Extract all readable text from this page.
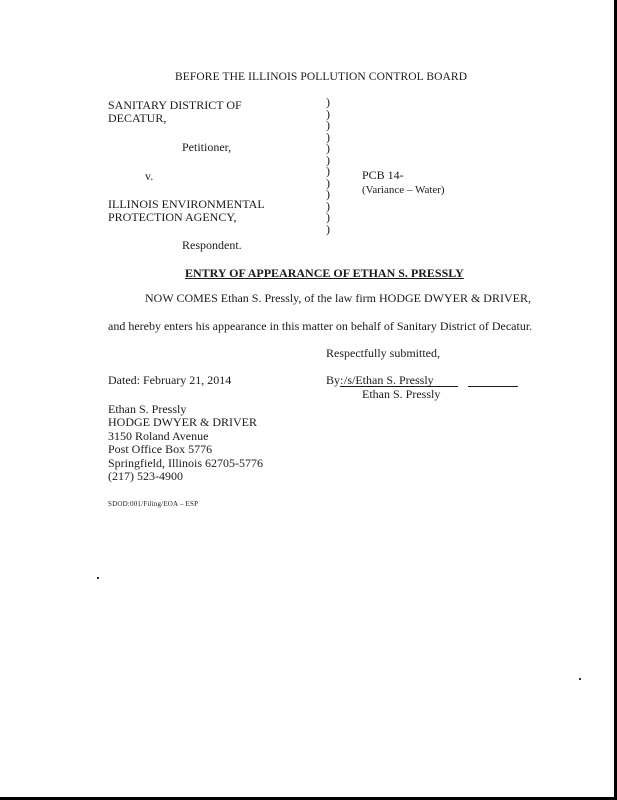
BEFORE THE ILLINOIS POLLUTION CONTROL BOARD
SANITARY DISTRICT OF
DECATUR,
Petitioner,
v.
ILLINOIS ENVIRONMENTAL
PROTECTION AGENCY,
Respondent.
)
)
)
)
)
)
)
)
)
)
)
)
PCB 14-
(Variance – Water)
ENTRY OF APPEARANCE OF ETHAN S. PRESSLY
NOW COMES Ethan S. Pressly, of the law firm HODGE DWYER & DRIVER,
and hereby enters his appearance in this matter on behalf of Sanitary District of Decatur.
Respectfully submitted,
Dated: February 21, 2014	By: /s/Ethan S. Pressly
Ethan S. Pressly
Ethan S. Pressly
HODGE DWYER & DRIVER
3150 Roland Avenue
Post Office Box 5776
Springfield, Illinois 62705-5776
(217) 523-4900
SDOD:001/Filing/EOA – ESP
